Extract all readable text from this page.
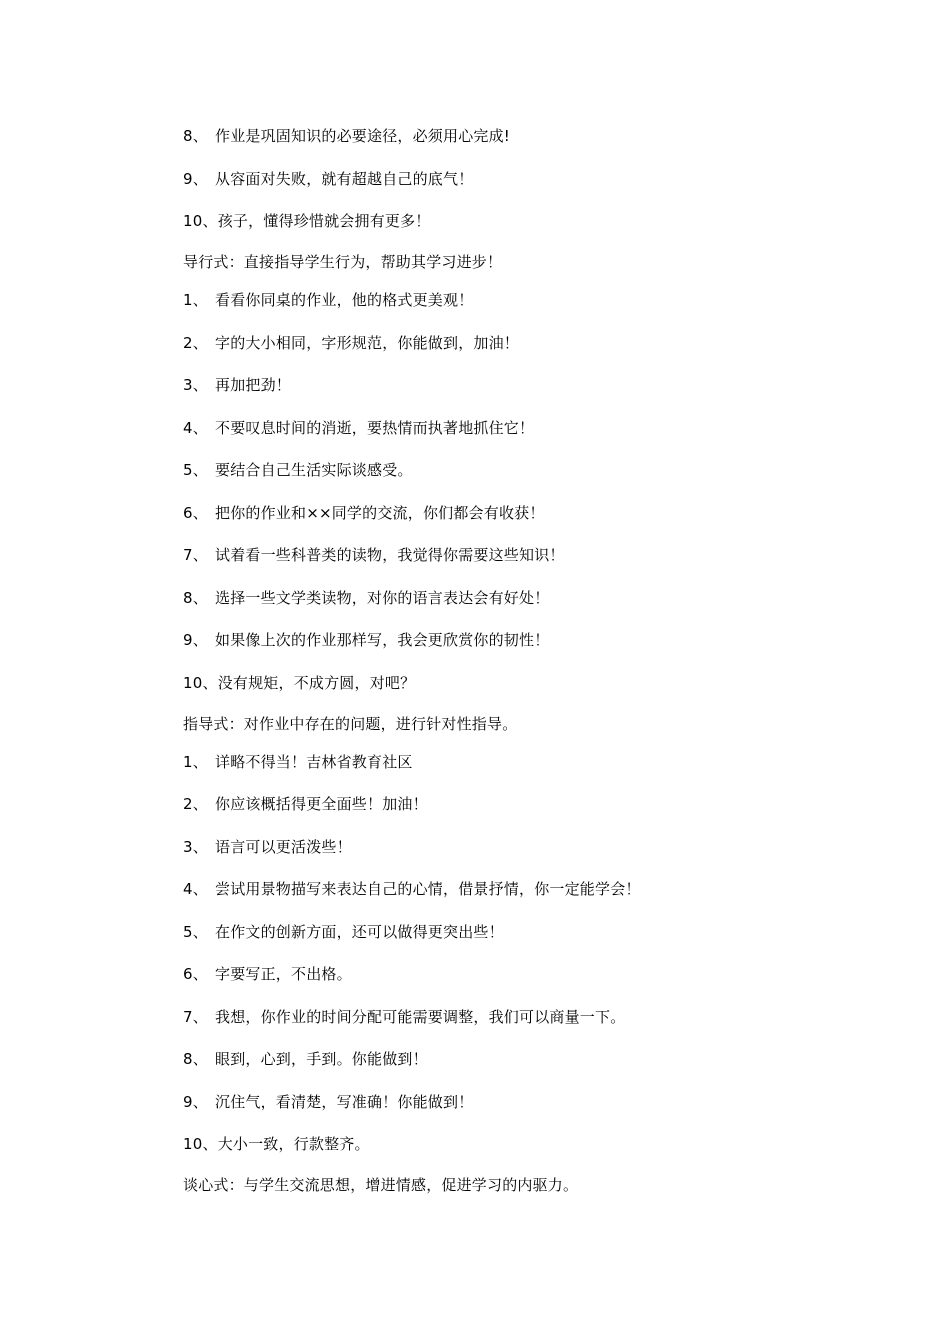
8、 作业是巩固知识的必要途径，必须用心完成!
9、 从容面对失败，就有超越自己的底气！
10、孩子，懂得珍惜就会拥有更多！
导行式：直接指导学生行为，帮助其学习进步！
1、 看看你同桌的作业，他的格式更美观！
2、 字的大小相同，字形规范，你能做到，加油！
3、 再加把劲！
4、 不要叹息时间的消逝，要热情而执著地抓住它！
5、 要结合自己生活实际谈感受。
6、 把你的作业和××同学的交流，你们都会有收获！
7、 试着看一些科普类的读物，我觉得你需要这些知识！
8、 选择一些文学类读物，对你的语言表达会有好处！
9、 如果像上次的作业那样写，我会更欣赏你的韧性！
10、没有规矩，不成方圆，对吧？
指导式：对作业中存在的问题，进行针对性指导。
1、 详略不得当！吉林省教育社区
2、 你应该概括得更全面些！加油！
3、 语言可以更活泼些！
4、 尝试用景物描写来表达自己的心情，借景抒情，你一定能学会！
5、 在作文的创新方面，还可以做得更突出些！
6、 字要写正，不出格。
7、 我想，你作业的时间分配可能需要调整，我们可以商量一下。
8、 眼到，心到，手到。你能做到！
9、 沉住气，看清楚，写准确！你能做到！
10、大小一致，行款整齐。
谈心式：与学生交流思想，增进情感，促进学习的内驱力。
